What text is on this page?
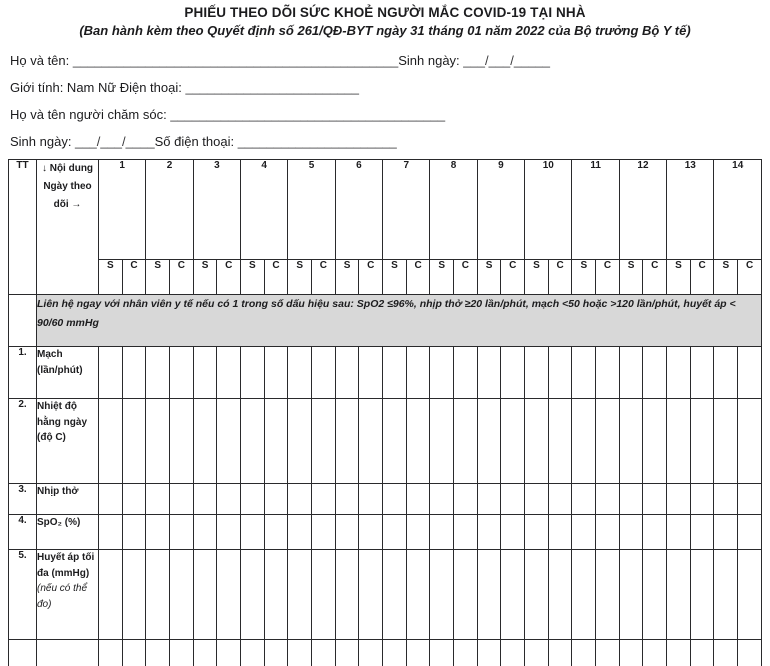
PHIẾU THEO DÕI SỨC KHOẺ NGƯỜI MẮC COVID-19 TẠI NHÀ
(Ban hành kèm theo Quyết định số 261/QĐ-BYT ngày 31 tháng 01 năm 2022 của Bộ trưởng Bộ Y tế)
Họ và tên: _____________________________________________ Sinh ngày: ___/___/_____
Giới tính: Nam Nữ Điện thoại: ________________________
Họ và tên người chăm sóc: ______________________________________
Sinh ngày: ___/___/____ Số điện thoại: ______________________
TT	↓ Nội dung Ngày theo dõi →	1		2		3		4		5		6		7		8		9		10		11		12		13		14	
		S	C	S	C	S	C	S	C	S	C	S	C	S	C	S	C	S	C	S	C	S	C	S	C	S	C	S	C
	Liên hệ ngay với nhân viên y tế nếu có 1 trong số dấu hiệu sau: SpO2 ≤96%, nhịp thở ≥20 lần/phút, mạch <50 hoặc >120 lần/phút, huyết áp < 90/60 mmHg																												
1.	Mạch (lần/phút)																												
2.	Nhiệt độ hằng ngày (độ C)																												
3.	Nhịp thở																												
4.	SpO₂ (%)																												
5.	Huyết áp tối đa (mmHg)
(nếu có thể đo)																												
